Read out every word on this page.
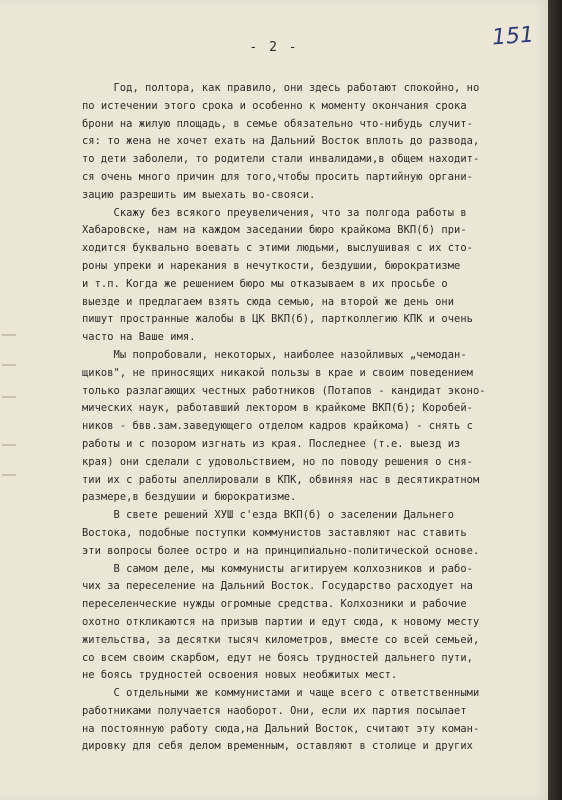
- 2 -	151
Год, полтора, как правило, они здесь работают спокойно, но
по истечении этого срока и особенно к моменту окончания срока
брони на жилую площадь, в семье обязательно что-нибудь случит-
ся: то жена не хочет ехать на Дальний Восток вплоть до развода,
то дети заболели, то родители стали инвалидами,в общем находит-
ся очень много причин для того,чтобы просить партийную органи-
зацию разрешить им выехать во-свояси.
Скажу без всякого преувеличения, что за полгода работы в
Хабаровске, нам на каждом заседании бюро крайкома ВКП(б) при-
ходится буквально воевать с этими людьми, выслушивая с их сто-
роны упреки и нарекания в нечуткости, бездушии, бюрократизме
и т.п. Когда же решением бюро мы отказываем в их просьбе о
выезде и предлагаем взять сюда семью, на второй же день они
пишут пространные жалобы в ЦК ВКП(б), партколлегию КПК и очень
часто на Ваше имя.
Мы попробовали, некоторых, наиболее назойливых „чемодан-
щиков", не приносящих никакой пользы в крае и своим поведением
только разлагающих честных работников (Потапов - кандидат эконо-
мических наук, работавший лектором в крайкоме ВКП(б); Коробей-
ников - бвв.зам.заведующего отделом кадров крайкома) - снять с
работы и с позором изгнать из края. Последнее (т.е. выезд из
края) они сделали с удовольствием, но по поводу решения о сня-
тии их с работы апеллировали в КПК, обвиняя нас в десятикратном
размере,в бездушии и бюрократизме.
В свете решений ХУШ с'езда ВКП(б) о заселении Дальнего
Востока, подобные поступки коммунистов заставляют нас ставить
эти вопросы более остро и на принципиально-политической основе.
В самом деле, мы коммунисты агитируем колхозников и рабо-
чих за переселение на Дальний Восток. Государство расходует на
переселенческие нужды огромные средства. Колхозники и рабочие
охотно откликаются на призыв партии и едут сюда, к новому месту
жительства, за десятки тысяч километров, вместе со всей семьей,
со всем своим скарбом, едут не боясь трудностей дальнего пути,
не боясь трудностей освоения новых необжитых мест.
С отдельными же коммунистами и чаще всего с ответственными
работниками получается наоборот. Они, если их партия посылает
на постоянную работу сюда,на Дальний Восток, считают эту коман-
дировку для себя делом временным, оставляют в столице и других
